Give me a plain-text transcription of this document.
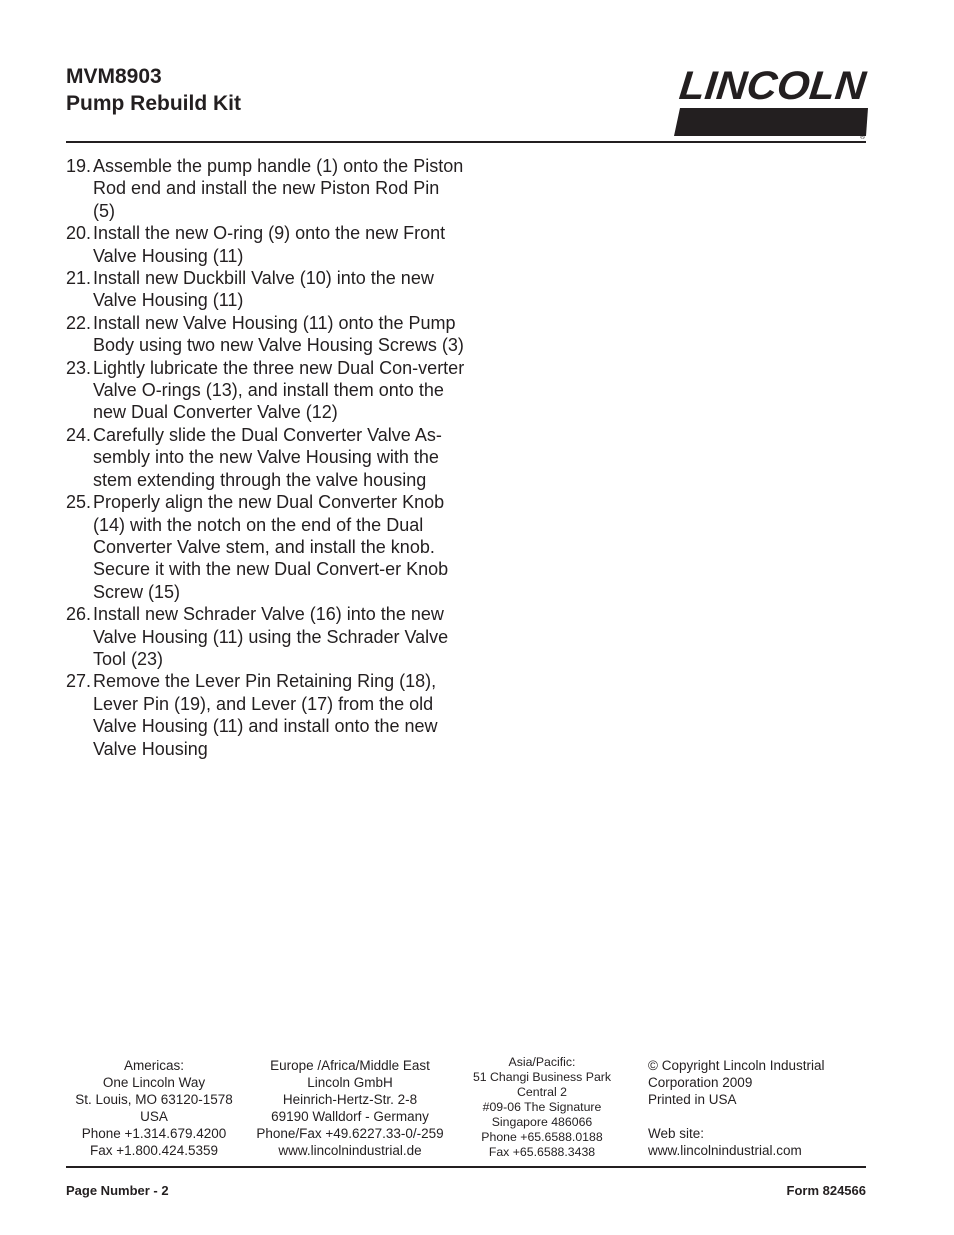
MVM8903
Pump Rebuild Kit	LINCOLN
®
19. Assemble the pump handle (1) onto the Piston Rod end and install the new Piston Rod Pin (5)
20. Install the new O-ring (9) onto the new Front Valve Housing (11)
21. Install new Duckbill Valve (10) into the new Valve Housing (11)
22. Install new Valve Housing (11) onto the Pump Body using two new Valve Housing Screws (3)
23. Lightly lubricate the three new Dual Con-verter Valve O-rings (13), and install them onto the new Dual Converter Valve (12)
24. Carefully slide the Dual Converter Valve As-sembly into the new Valve Housing with the stem extending through the valve housing
25. Properly align the new Dual Converter Knob (14) with the notch on the end of the Dual Converter Valve stem, and install the knob. Secure it with the new Dual Convert-er Knob Screw (15)
26. Install new Schrader Valve (16) into the new Valve Housing (11) using the Schrader Valve Tool (23)
27. Remove the Lever Pin Retaining Ring (18), Lever Pin (19), and Lever (17) from the old Valve Housing (11) and install onto the new Valve Housing
Americas:
One Lincoln Way
St. Louis, MO 63120-1578
USA
Phone +1.314.679.4200
Fax +1.800.424.5359
Europe /Africa/Middle East
Lincoln GmbH
Heinrich-Hertz-Str. 2-8
69190 Walldorf - Germany
Phone/Fax +49.6227.33-0/-259
www.lincolnindustrial.de
Asia/Pacific:
51 Changi Business Park
Central 2
#09-06 The Signature
Singapore 486066
Phone +65.6588.0188
Fax +65.6588.3438
© Copyright Lincoln Industrial
Corporation 2009
Printed in USA
Web site:
www.lincolnindustrial.com
Page Number - 2	Form 824566
